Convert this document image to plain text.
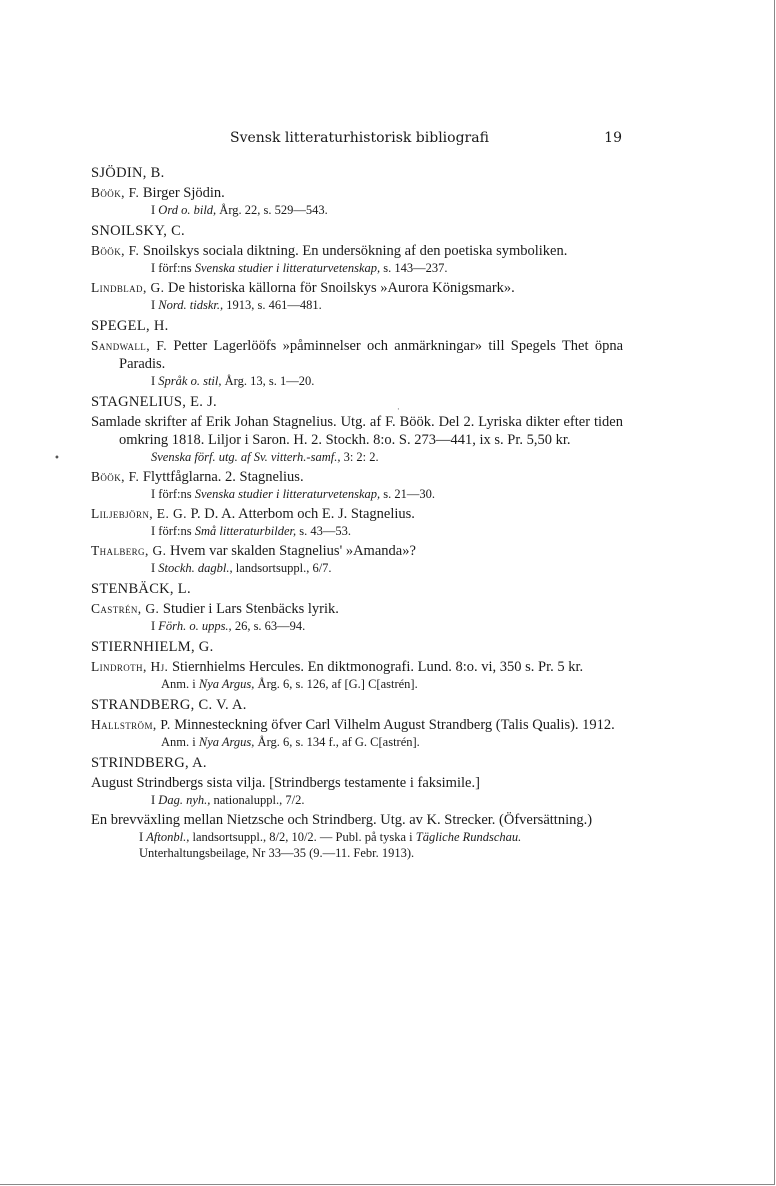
Svensk litteraturhistorisk bibliografi	19
•
·
SJÖDIN, B.
Böök, F. Birger Sjödin.
I Ord o. bild, Årg. 22, s. 529—543.
SNOILSKY, C.
Böök, F. Snoilskys sociala diktning. En undersökning af den poetiska symboliken.
I förf:ns Svenska studier i litteraturvetenskap, s. 143—237.
Lindblad, G. De historiska källorna för Snoilskys »Aurora Königsmark».
I Nord. tidskr., 1913, s. 461—481.
SPEGEL, H.
Sandwall, F. Petter Lagerlööfs »påminnelser och anmärkningar» till Spegels Thet öpna Paradis.
I Språk o. stil, Årg. 13, s. 1—20.
STAGNELIUS, E. J.
Samlade skrifter af Erik Johan Stagnelius. Utg. af F. Böök. Del 2. Lyriska dikter efter tiden omkring 1818. Liljor i Saron. H. 2. Stockh. 8:o. S. 273—441, ix s. Pr. 5,50 kr.
Svenska förf. utg. af Sv. vitterh.-samf., 3: 2: 2.
Böök, F. Flyttfåglarna. 2. Stagnelius.
I förf:ns Svenska studier i litteraturvetenskap, s. 21—30.
Liljebjörn, E. G. P. D. A. Atterbom och E. J. Stagnelius.
I förf:ns Små litteraturbilder, s. 43—53.
Thalberg, G. Hvem var skalden Stagnelius' »Amanda»?
I Stockh. dagbl., landsortsuppl., 6/7.
STENBÄCK, L.
Castrén, G. Studier i Lars Stenbäcks lyrik.
I Förh. o. upps., 26, s. 63—94.
STIERNHIELM, G.
Lindroth, Hj. Stiernhielms Hercules. En diktmonografi. Lund. 8:o. vi, 350 s. Pr. 5 kr.
Anm. i Nya Argus, Årg. 6, s. 126, af [G.] C[astrén].
STRANDBERG, C. V. A.
Hallström, P. Minnesteckning öfver Carl Vilhelm August Strandberg (Talis Qualis). 1912.
Anm. i Nya Argus, Årg. 6, s. 134 f., af G. C[astrén].
STRINDBERG, A.
August Strindbergs sista vilja. [Strindbergs testamente i faksimile.]
I Dag. nyh., nationaluppl., 7/2.
En brevväxling mellan Nietzsche och Strindberg. Utg. av K. Strecker. (Öfversättning.)
I Aftonbl., landsortsuppl., 8/2, 10/2. — Publ. på tyska i Tägliche Rundschau. Unterhaltungsbeilage, Nr 33—35 (9.—11. Febr. 1913).
